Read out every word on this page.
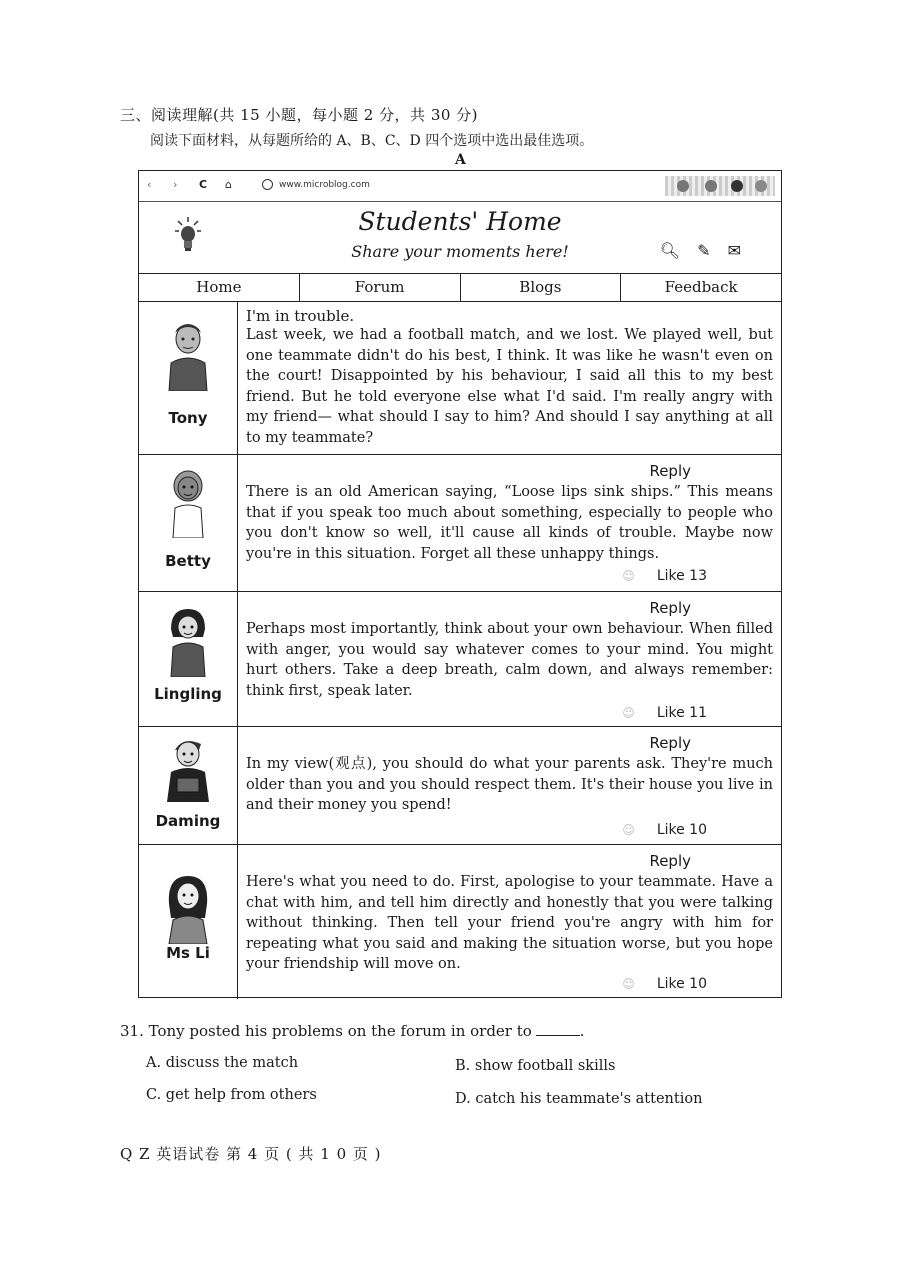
三、阅读理解(共 15 小题，每小题 2 分，共 30 分)
阅读下面材料，从每题所给的 A、B、C、D 四个选项中选出最佳选项。
A
‹ › C ⌂	www.microblog.com
Students' Home
Share your moments here!	🔍︎ ✎ ✉
Home	Forum	Blogs	Feedback
Tony

I'm in trouble.

Last week, we had a football match, and we lost. We played well, but one teammate didn't do his best, I think. It was like he wasn't even on the court! Disappointed by his behaviour, I said all this to my best friend. But he told everyone else what I'd said. I'm really angry with my friend— what should I say to him? And should I say anything at all to my teammate?

Betty
Reply

There is an old American saying, “Loose lips sink ships.” This means that if you speak too much about something, especially to people who you don't know so well, it'll cause all kinds of trouble. Maybe now you're in this situation. Forget all these unhappy things.

☺ Like 13
Lingling
Reply

Perhaps most importantly, think about your own behaviour. When filled with anger, you would say whatever comes to your mind. You might hurt others. Take a deep breath, calm down, and always remember: think first, speak later.

☺ Like 11
Daming
Reply

In my view(观点), you should do what your parents ask. They're much older than you and you should respect them. It's their house you live in and their money you spend!

☺ Like 10
Ms Li
Reply

Here's what you need to do. First, apologise to your teammate. Have a chat with him, and tell him directly and honestly that you were talking without thinking. Then tell your friend you're angry with him for repeating what you said and making the situation worse, but you hope your friendship will move on.

☺ Like 10
31. Tony posted his problems on the forum in order to	.
A. discuss the match	B. show football skills
C. get help from others	D. catch his teammate's attention
Q Z 英语试卷 第 4 页 ( 共 1 0 页 )
